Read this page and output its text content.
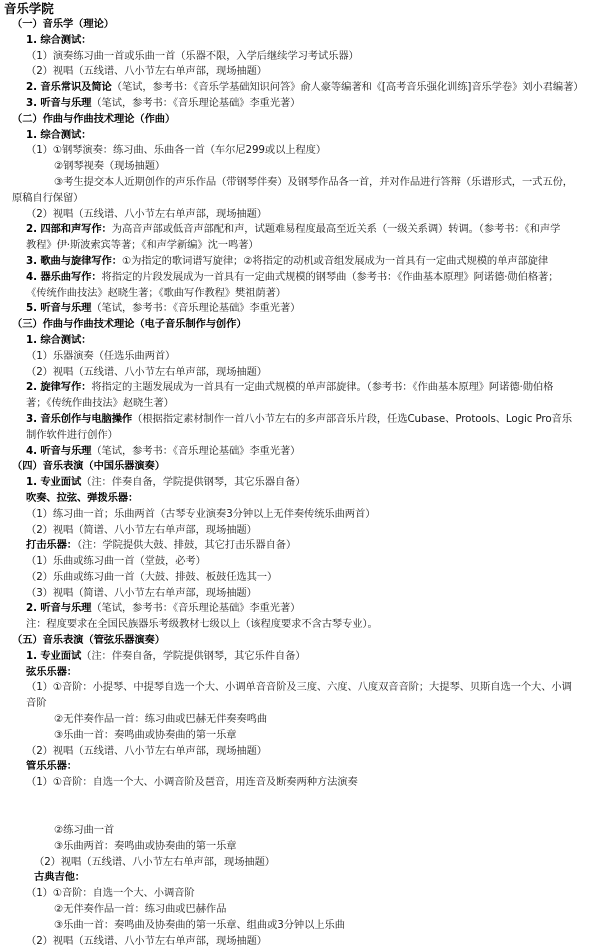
音乐学院
（一）音乐学（理论）
1. 综合测试：
（1）演奏练习曲一首或乐曲一首（乐器不限，入学后继续学习考试乐器）
（2）视唱（五线谱、八小节左右单声部，现场抽题）
2. 音乐常识及简论（笔试，参考书：《音乐学基础知识问答》俞人豪等编著和《[高考音乐强化训练]音乐学卷》刘小君编著）
3. 听音与乐理（笔试，参考书：《音乐理论基础》李重光著）
（二）作曲与作曲技术理论（作曲）
1. 综合测试：
（1）①钢琴演奏：练习曲、乐曲各一首（车尔尼299或以上程度）
②钢琴视奏（现场抽题）
③考生提交本人近期创作的声乐作品（带钢琴伴奏）及钢琴作品各一首，并对作品进行答辩（乐谱形式，一式五份，
原稿自行保留）
（2）视唱（五线谱、八小节左右单声部，现场抽题）
2. 四部和声写作：为高音声部或低音声部配和声，试题难易程度最高至近关系（一级关系调）转调。（参考书：《和声学
教程》伊·斯波索宾等著；《和声学新编》沈一鸣著）
3. 歌曲与旋律写作：①为指定的歌词谱写旋律；②将指定的动机或音组发展成为一首具有一定曲式规模的单声部旋律
4. 器乐曲写作：将指定的片段发展成为一首具有一定曲式规模的钢琴曲（参考书：《作曲基本原理》阿诺德·勋伯格著；
《传统作曲技法》赵晓生著；《歌曲写作教程》樊祖荫著）
5. 听音与乐理（笔试，参考书：《音乐理论基础》李重光著）
（三）作曲与作曲技术理论（电子音乐制作与创作）
1. 综合测试：
（1）乐器演奏（任选乐曲两首）
（2）视唱（五线谱、八小节左右单声部，现场抽题）
2. 旋律写作：将指定的主题发展成为一首具有一定曲式规模的单声部旋律。（参考书：《作曲基本原理》阿诺德·勋伯格
著；《传统作曲技法》赵晓生著）
3. 音乐创作与电脑操作（根据指定素材制作一首八小节左右的多声部音乐片段，任选Cubase、Protools、Logic Pro音乐
制作软件进行创作）
4. 听音与乐理（笔试，参考书：《音乐理论基础》李重光著）
（四）音乐表演（中国乐器演奏）
1. 专业面试（注：伴奏自备，学院提供钢琴，其它乐器自备）
吹奏、拉弦、弹拨乐器：
（1）练习曲一首；乐曲两首（古琴专业演奏3分钟以上无伴奏传统乐曲两首）
（2）视唱（简谱、八小节左右单声部，现场抽题）
打击乐器：（注：学院提供大鼓、排鼓，其它打击乐器自备）
（1）乐曲或练习曲一首（堂鼓，必考）
（2）乐曲或练习曲一首（大鼓、排鼓、板鼓任选其一）
（3）视唱（简谱、八小节左右单声部，现场抽题）
2. 听音与乐理（笔试，参考书：《音乐理论基础》李重光著）
注：程度要求在全国民族器乐考级教材七级以上（该程度要求不含古琴专业）。
（五）音乐表演（管弦乐器演奏）
1. 专业面试（注：伴奏自备，学院提供钢琴，其它乐件自备）
弦乐乐器：
（1）①音阶：小提琴、中提琴自选一个大、小调单音音阶及三度、六度、八度双音音阶；大提琴、贝斯自选一个大、小调
音阶
②无伴奏作品一首：练习曲或巴赫无伴奏奏鸣曲
③乐曲一首：奏鸣曲或协奏曲的第一乐章
（2）视唱（五线谱、八小节左右单声部，现场抽题）
管乐乐器：
（1）①音阶：自选一个大、小调音阶及琶音，用连音及断奏两种方法演奏
②练习曲一首
③乐曲两首：奏鸣曲或协奏曲的第一乐章
（2）视唱（五线谱、八小节左右单声部，现场抽题）
古典吉他：
（1）①音阶：自选一个大、小调音阶
②无伴奏作品一首：练习曲或巴赫作品
③乐曲一首：奏鸣曲及协奏曲的第一乐章、组曲或3分钟以上乐曲
（2）视唱（五线谱、八小节左右单声部，现场抽题）
